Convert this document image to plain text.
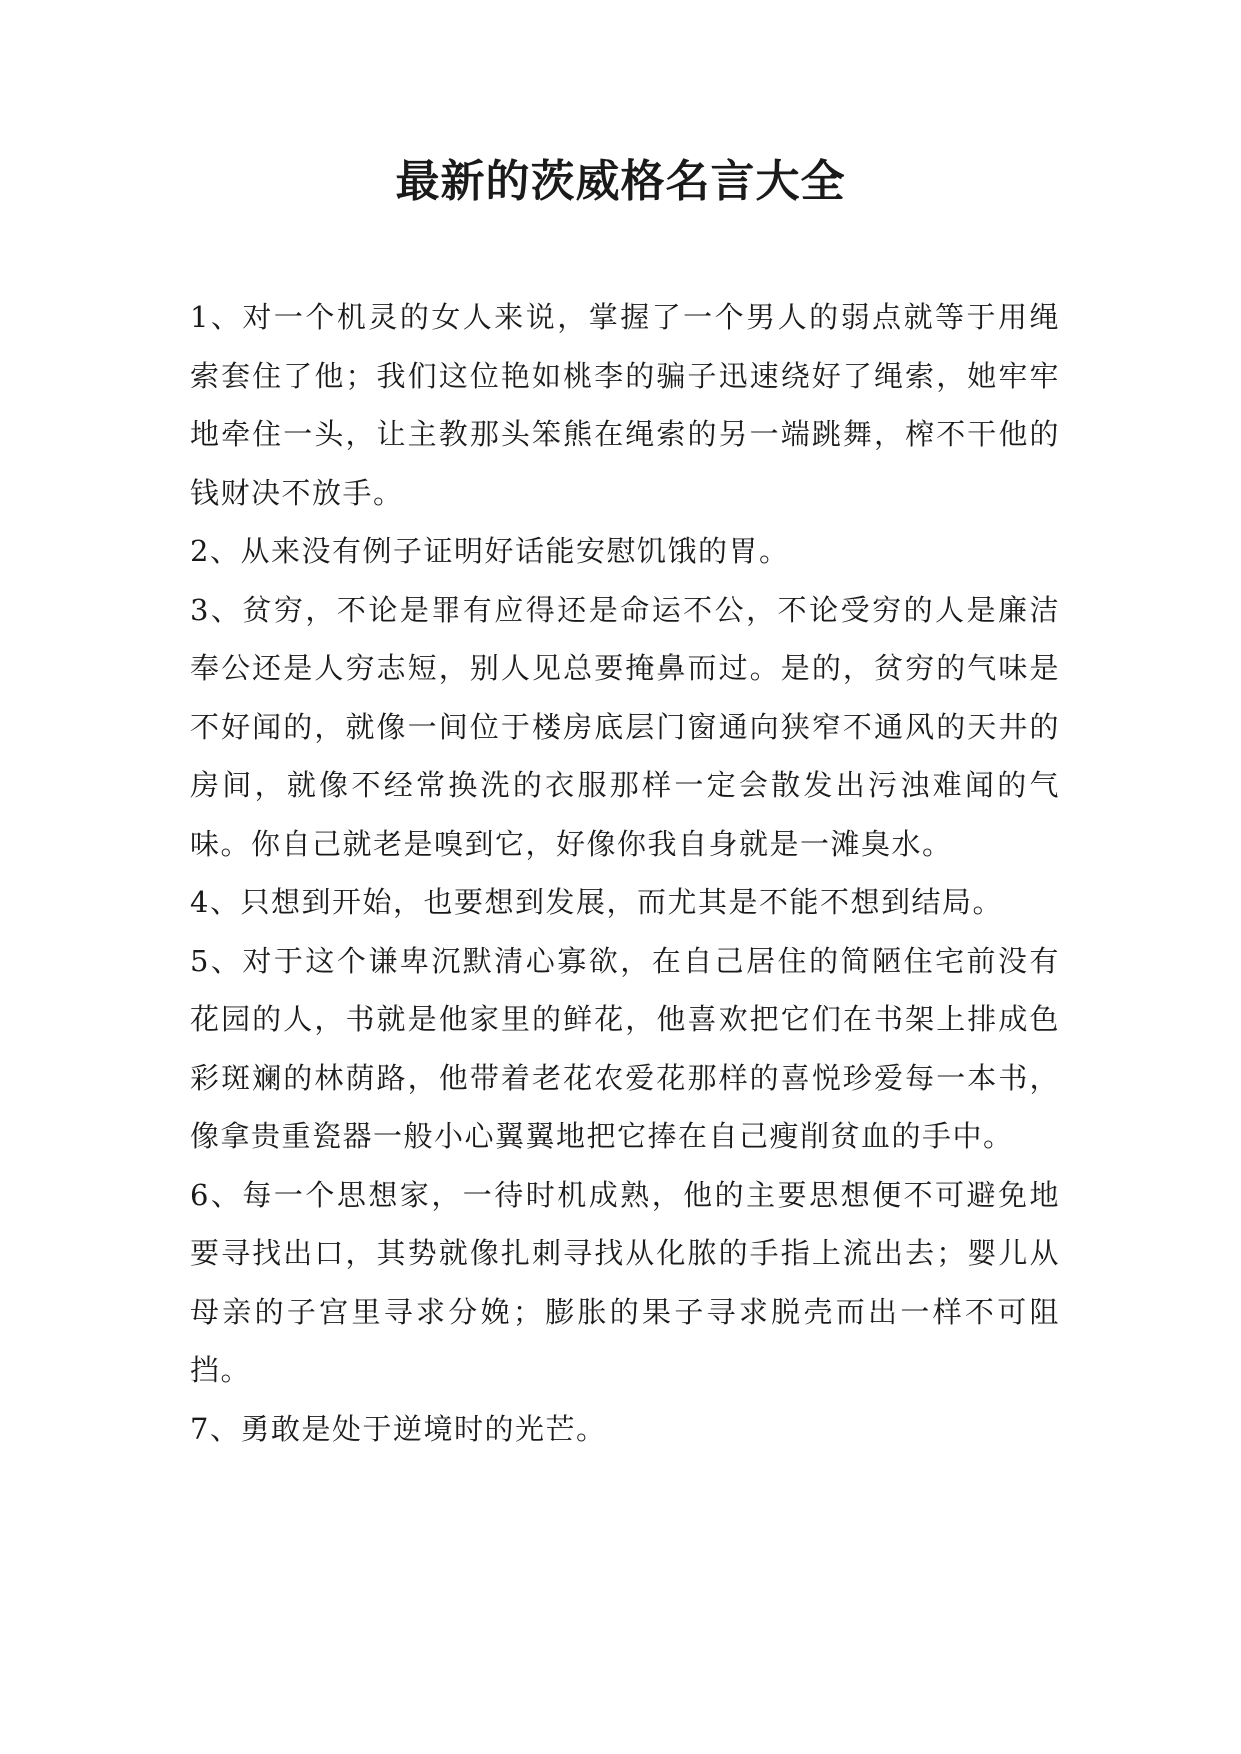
最新的茨威格名言大全
1、对一个机灵的女人来说，掌握了一个男人的弱点就等于用绳索套住了他；我们这位艳如桃李的骗子迅速绕好了绳索，她牢牢地牵住一头，让主教那头笨熊在绳索的另一端跳舞，榨不干他的钱财决不放手。
2、从来没有例子证明好话能安慰饥饿的胃。
3、贫穷，不论是罪有应得还是命运不公，不论受穷的人是廉洁奉公还是人穷志短，别人见总要掩鼻而过。是的，贫穷的气味是不好闻的，就像一间位于楼房底层门窗通向狭窄不通风的天井的房间，就像不经常换洗的衣服那样一定会散发出污浊难闻的气味。你自己就老是嗅到它，好像你我自身就是一滩臭水。
4、只想到开始，也要想到发展，而尤其是不能不想到结局。
5、对于这个谦卑沉默清心寡欲，在自己居住的简陋住宅前没有花园的人，书就是他家里的鲜花，他喜欢把它们在书架上排成色彩斑斓的林荫路，他带着老花农爱花那样的喜悦珍爱每一本书，像拿贵重瓷器一般小心翼翼地把它捧在自己瘦削贫血的手中。
6、每一个思想家，一待时机成熟，他的主要思想便不可避免地要寻找出口，其势就像扎刺寻找从化脓的手指上流出去；婴儿从母亲的子宫里寻求分娩；膨胀的果子寻求脱壳而出一样不可阻挡。
7、勇敢是处于逆境时的光芒。
